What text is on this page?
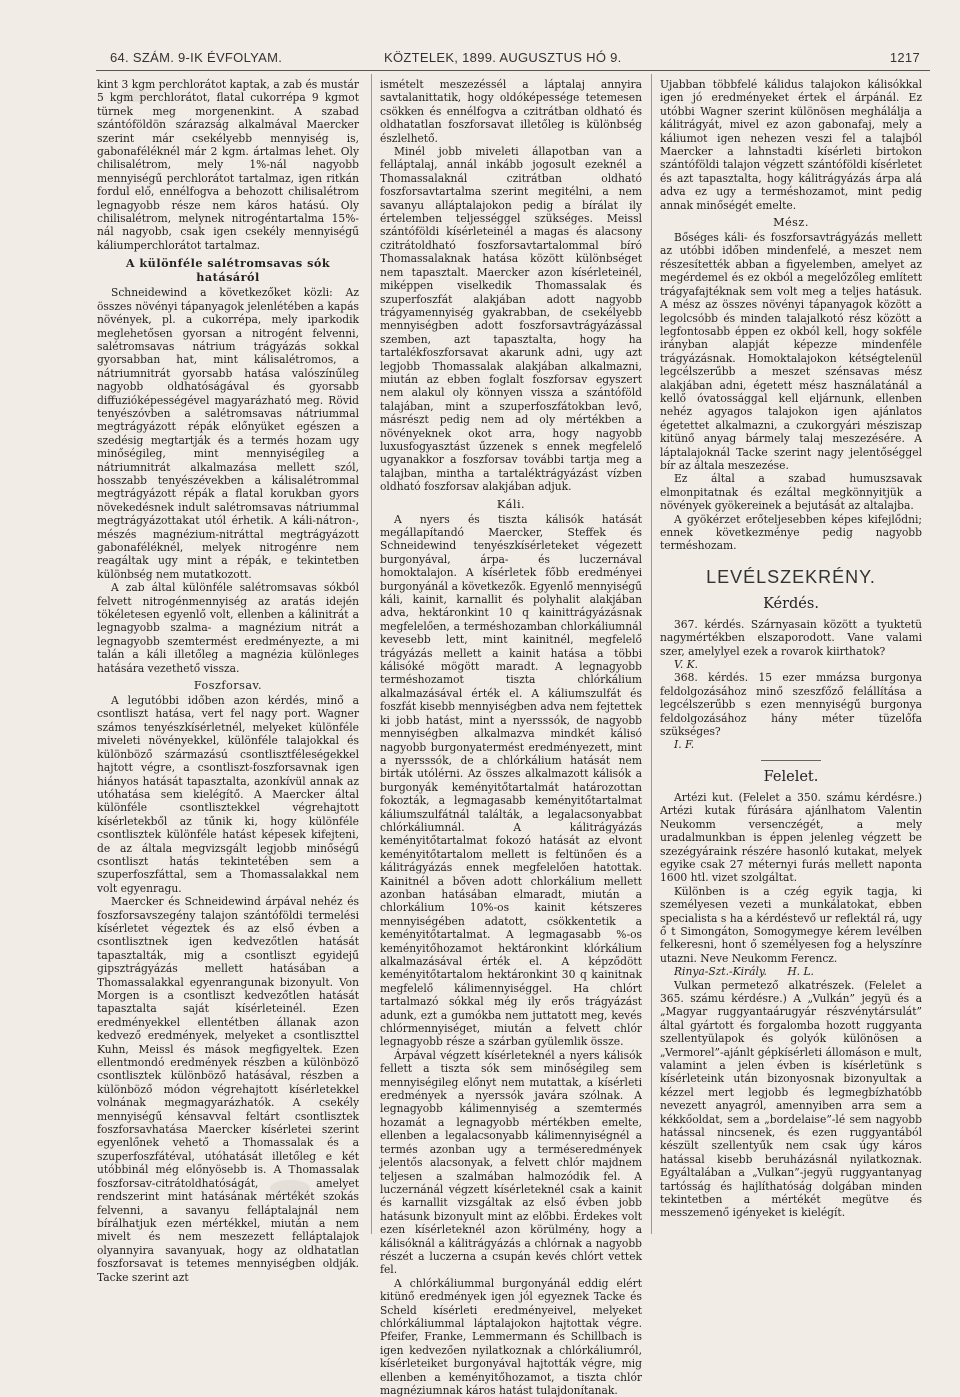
64. SZÁM. 9-IK ÉVFOLYAM.	KÖZTELEK, 1899. AUGUSZTUS HÓ 9.	1217

kint 3 kgm perchlorátot kaptak, a zab és mustár 5 kgm perchlorátot, flatal cukorrépa 9 kgmot türnek meg morgenenkint. A szabad szántóföldön szárazság alkalmával Maercker szerint már csekélyebb mennyiség is, gabonaféléknél már 2 kgm. ártalmas lehet. Oly chilisalétrom, mely 1%-nál nagyobb mennyiségű perchlorátot tartalmaz, igen ritkán fordul elő, ennélfogva a behozott chilisalétrom legnagyobb része nem káros hatású. Oly chilisalétrom, melynek nitrogéntartalma 15%-nál nagyobb, csak igen csekély mennyiségű káliumperchlorátot tartalmaz.

A különféle salétromsavas sók hatásáról

Schneidewind a következőket közli: Az összes növényi tápanyagok jelenlétében a kapás növények, pl. a cukorrépa, mely iparkodik meglehetősen gyorsan a nitrogént felvenni, salétromsavas nátrium trágyázás sokkal gyorsabban hat, mint kálisalétromos, a nátriumnitrát gyorsabb hatása valószínűleg nagyobb oldhatóságával és gyorsabb diffuzióképességével magyarázható meg. Rövid tenyészóvben a salétromsavas nátriummal megtrágyázott répák előnyüket egészen a szedésig megtartják és a termés hozam ugy minőségileg, mint mennyiségileg a nátriumnitrát alkalmazása mellett szól, hosszabb tenyészévekben a kálisalétrommal megtrágyázott répák a flatal korukban gyors növekedésnek indult salétromsavas nátriummal megtrágyázottakat utól érhetik. A káli-nátron-, mészés magnézium-nitráttal megtrágyázott gabonaféléknél, melyek nitrogénre nem reagáltak ugy mint a répák, e tekintetben különbség nem mutatkozott.

A zab által különféle salétromsavas sókból felvett nitrogénmennyiség az aratás idején tökéletesen egyenlő volt, ellenben a kálinitrát a legnagyobb szalma- a magnézium nitrát a legnagyobb szemtermést eredményezte, a mi talán a káli illetőleg a magnézia különleges hatására vezethető vissza.

Foszforsav.

A legutóbbi időben azon kérdés, minő a csontliszt hatása, vert fel nagy port. Wagner számos tenyészkísérletnél, melyeket különféle miveleti növényekkel, különféle talajokkal és különböző származású csontlisztféleségekkel hajtott végre, a csontliszt-foszforsavnak igen hiányos hatását tapasztalta, azonkívül annak az utóhatása sem kielégítő. A Maercker által különféle csontlisztekkel végrehajtott kísérletekből az tűnik ki, hogy különféle csontlisztek különféle hatást képesek kifejteni, de az általa megvizsgált legjobb minőségű csontliszt hatás tekintetében sem a szuperfoszfáttal, sem a Thomassalakkal nem volt egyenragu.

Maercker és Schneidewind árpával nehéz és foszforsavszegény talajon szántóföldi termelési kísérletet végeztek és az első évben a csontlisztnek igen kedvezőtlen hatását tapasztalták, mig a csontliszt egyidejű gipsztrágyázás mellett hatásában a Thomassalakkal egyenrangunak bizonyult. Von Morgen is a csontliszt kedvezőtlen hatását tapasztalta saját kísérleteinél. Ezen eredményekkel ellentétben állanak azon kedvező eredmények, melyeket a csontliszttel Kuhn, Meissl és mások megfigyeltek. Ezen ellentmondó eredmények részben a különböző csontlisztek különböző hatásával, részben a különböző módon végrehajtott kísérletekkel volnának megmagyarázhatók. A csekély mennyiségű kénsavval feltárt csontlisztek foszforsavhatása Maercker kísérletei szerint egyenlőnek vehető a Thomassalak és a szuperfoszfátéval, utóhatását illetőleg e két utóbbinál még előnyösebb is. A Thomassalak foszforsav-citrátoldhatóságát, amelyet rendszerint mint hatásának mértékét szokás felvenni, a savanyu felláptalajnál nem bírálhatjuk ezen mértékkel, miután a nem mivelt és nem meszezett felláptalajok olyannyira savanyuak, hogy az oldhatatlan foszforsavat is tetemes mennyiségben oldják. Tacke szerint azt

ismételt meszezéssél a láptalaj annyira savtalanittatik, hogy oldóképessége tetemesen csökken és ennélfogva a czitrátban oldható és oldhatatlan foszforsavat illetőleg is különbség észlelhető.

Minél jobb miveleti állapotban van a felláptalaj, annál inkább jogosult ezeknél a Thomassalaknál czitrátban oldható foszforsavtartalma szerint megitélni, a nem savanyu alláptalajokon pedig a bírálat ily értelemben teljességgel szükséges. Meissl szántóföldi kísérleteinél a magas és alacsony czitrátoldható foszforsavtartalommal bíró Thomassalaknak hatása között különbséget nem tapasztalt. Maercker azon kísérleteinél, miképpen viselkedik Thomassalak és szuperfoszfát alakjában adott nagyobb trágyamennyiség gyakrabban, de csekélyebb mennyiségben adott foszforsavtrágyázással szemben, azt tapasztalta, hogy ha tartalékfoszforsavat akarunk adni, ugy azt legjobb Thomassalak alakjában alkalmazni, miután az ebben foglalt foszforsav egyszert nem alakul oly könnyen vissza a szántóföld talajában, mint a szuperfoszfátokban levő, másrészt pedig nem ad oly mértékben a növényeknek okot arra, hogy nagyobb luxusfogyasztást űzzenek s ennek megfelelő ugyanakkor a foszforsav további tartja meg a talajban, mintha a tartaléktrágyázást vízben oldható foszforsav alakjában adjuk.

Káli.

A nyers és tiszta kálisók hatását megállapítandó Maercker, Steffek és Schneidewind tenyészkísérleteket végezett burgonyával, árpa- és luczernával homoktalajon. A kísérletek főbb eredményei burgonyánál a következők. Egyenlő mennyiségű káli, kainit, karnallit és polyhalit alakjában adva, hektáronkint 10 q kainittrágyázásnak megfelelően, a terméshozamban chlorkáliumnál kevesebb lett, mint kainitnél, megfelelő trágyázás mellett a kainit hatása a többi kálisóké mögött maradt. A legnagyobb terméshozamot tiszta chlórkálium alkalmazásával érték el. A káliumszulfát és foszfát kisebb mennyiségben adva nem fejtettek ki jobb hatást, mint a nyersssók, de nagyobb mennyiségben alkalmazva mindkét kálisó nagyobb burgonyatermést eredményezett, mint a nyersssók, de a chlórkálium hatását nem birták utólérni. Az összes alkalmazott kálisók a burgonyák keményitőtartalmát határozottan fokozták, a legmagasabb keményitőtartalmat káliumszulfátnál találták, a legalacsonyabbat chlórkáliumnál. A kálitrágyázás keményitőtartalmat fokozó hatását az elvont keményitőtartalom mellett is feltünően és a kálitrágyázás ennek megfelelően hatottak. Kainitnél a bőven adott chlorkálium mellett azonban hatásában elmaradt, miután a chlorkálium 10%-os kainit kétszeres mennyiségében adatott, csökkentetik a keményitőtartalmat. A legmagasabb %-os keményitőhozamot hektáronkint klórkálium alkalmazásával érték el. A képződött keményitőtartalom hektáronkint 30 q kainitnak megfelelő kálimennyiséggel. Ha chlórt tartalmazó sókkal még ily erős trágyázást adunk, ezt a gumókba nem juttatott meg, kevés chlórmennyiséget, miután a felvett chlór legnagyobb része a szárban gyülemlik össze.

Árpával végzett kísérleteknél a nyers kálisók fellett a tiszta sók sem minőségileg sem mennyiségileg előnyt nem mutattak, a kísérleti eredmények a nyerssók javára szólnak. A legnagyobb kálimennyiség a szemtermés hozamát a legnagyobb mértékben emelte, ellenben a legalacsonyabb kálimennyiségnél a termés azonban ugy a terméseredmények jelentős alacsonyak, a felvett chlór majdnem teljesen a szalmában halmozódik fel. A luczernánál végzett kísérleteknél csak a kainit és karnallit vizsgáltak az első évben jobb hatásunk bizonyult mint az előbbi. Érdekes volt ezen kísérleteknél azon körülmény, hogy a kálisóknál a kálitrágyázás a chlórnak a nagyobb részét a luczerna a csupán kevés chlórt vettek fel.

A chlórkáliummal burgonyánál eddig elért kitünő eredmények igen jól egyeznek Tacke és Scheld kísérleti eredményeivel, melyeket chlórkáliummal láptalajokon hajtottak végre. Pfeifer, Franke, Lemmermann és Schillbach is igen kedvezően nyilatkoznak a chlórkáliumról, kísérleteiket burgonyával hajtották végre, mig ellenben a keményitőhozamot, a tiszta chlór magnéziumnak káros hatást tulajdonítanak.

Ujabban többfelé kálidus talajokon kálisókkal igen jó eredményeket értek el árpánál. Ez utóbbi Wagner szerint különösen meghálálja a kálitrágyát, mivel ez azon gabonafaj, mely a káliumot igen nehezen veszi fel a talajból Maercker a lahnstadti kísérleti birtokon szántóföldi talajon végzett szántóföldi kísérletet és azt tapasztalta, hogy kálitrágyázás árpa alá adva ez ugy a terméshozamot, mint pedig annak minőségét emelte.

Mész.

Bőséges káli- és foszforsavtrágyázás mellett az utóbbi időben mindenfelé, a meszet nem részesítették abban a figyelemben, amelyet az megérdemel és ez okból a megelőzőleg említett trágyafajtéknak sem volt meg a teljes hatásuk. A mész az összes növényi tápanyagok között a legolcsóbb és minden talajalkotó rész között a legfontosabb éppen ez okból kell, hogy sokféle irányban alapját képezze mindenféle trágyázásnak. Homoktalajokon kétségtelenül legcélszerűbb a meszet szénsavas mész alakjában adni, égetett mész használatánál a kellő óvatossággal kell eljárnunk, ellenben nehéz agyagos talajokon igen ajánlatos égetettet alkalmazni, a czukorgyári mésziszap kitünő anyag bármely talaj meszezésére. A láptalajoknál Tacke szerint nagy jelentőséggel bír az általa meszezése.

Ez által a szabad humuszsavak elmonpitatnak és ezáltal megkönnyitjük a növények gyökereinek a bejutását az altalajba.

A gyökérzet erőteljesebben képes kifejlődni; ennek következménye pedig nagyobb terméshozam.

LEVÉLSZEKRÉNY.
Kérdés.

367. kérdés. Szárnyasain között a tyuktetü nagymértékben elszaporodott. Vane valami szer, amelylyel ezek a rovarok kiirthatok?

V. K.

368. kérdés. 15 ezer mmázsa burgonya feldolgozásához minő szeszfőző felállítása a legcélszerűbb s ezen mennyiségű burgonya feldolgozásához hány méter tüzelőfa szükséges?

I. F.

Felelet.

Artézi kut. (Felelet a 350. számu kérdésre.) Artézi kutak fúrására ajánlhatom Valentin Neukomm versenczégét, a mely uradalmunkban is éppen jelenleg végzett be szezégyáraink részére hasonló kutakat, melyek egyike csak 27 méternyi furás mellett naponta 1600 htl. vizet szolgáltat.

Különben is a czég egyik tagja, ki személyesen vezeti a munkálatokat, ebben specialista s ha a kérdéstevő ur reflektál rá, ugy ő t Simongáton, Somogymegye kérem levélben felkeresni, hont ő személyesen fog a helyszínre utazni. Neve Neukomm Ferencz.

Rinya-Szt.-Király. H. L.

Vulkan permetező alkatrészek. (Felelet a 365. számu kérdésre.) A „Vulkán” jegyü és a „Magyar ruggyantaárugyár részvénytársulát” által gyártott és forgalomba hozott ruggyanta szellentyülapok és golyók különösen a „Vermorel”-ajánlt gépkísérleti állomáson e mult, valamint a jelen évben is kísérletünk s kísérleteink után bizonyosnak bizonyultak a kézzel mert legjobb és legmegbízhatóbb nevezett anyagról, amennyiben arra sem a kékkőoldat, sem a „bordelaise”-lé sem nagyobb hatással nincsenek, és ezen ruggyantából készült szellentyűk nem csak úgy káros hatással kisebb beruházásnál nyilatkoznak. Egyáltalában a „Vulkan”-jegyü ruggyantanyag tartósság és hajlíthatóság dolgában minden tekintetben a mértékét megütve és messzemenő igényeket is kielégít.
